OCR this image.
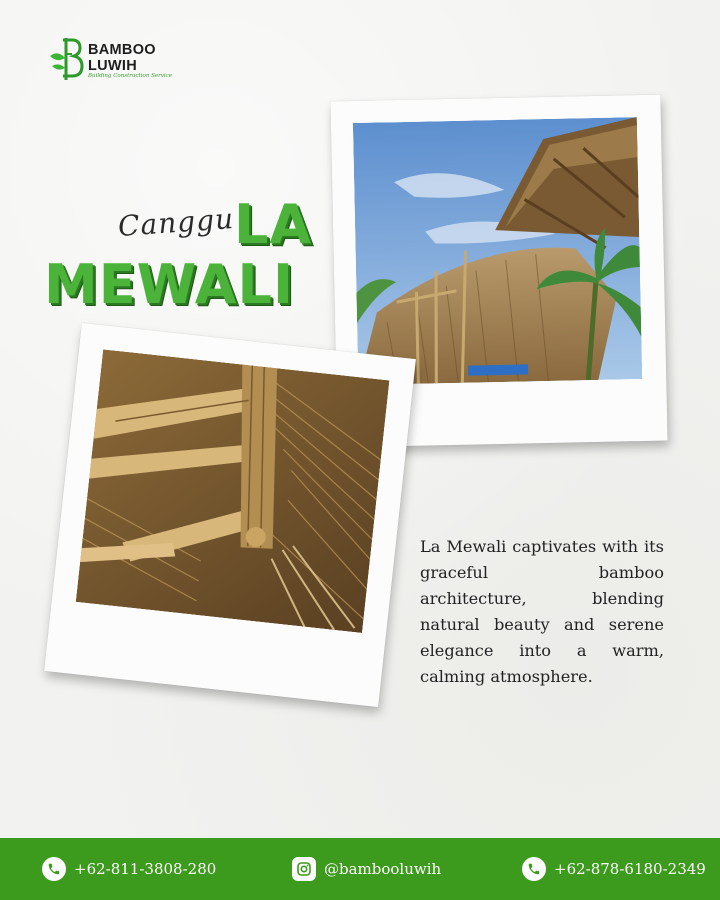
BAMBOO
LUWIH
Building Construction Service
Canggu
LA
MEWALI
La Mewali captivates with its graceful bamboo architecture, blending natural beauty and serene elegance into a warm, calming atmosphere.
+62-811-3808-280	@bambooluwih	+62-878-6180-2349
